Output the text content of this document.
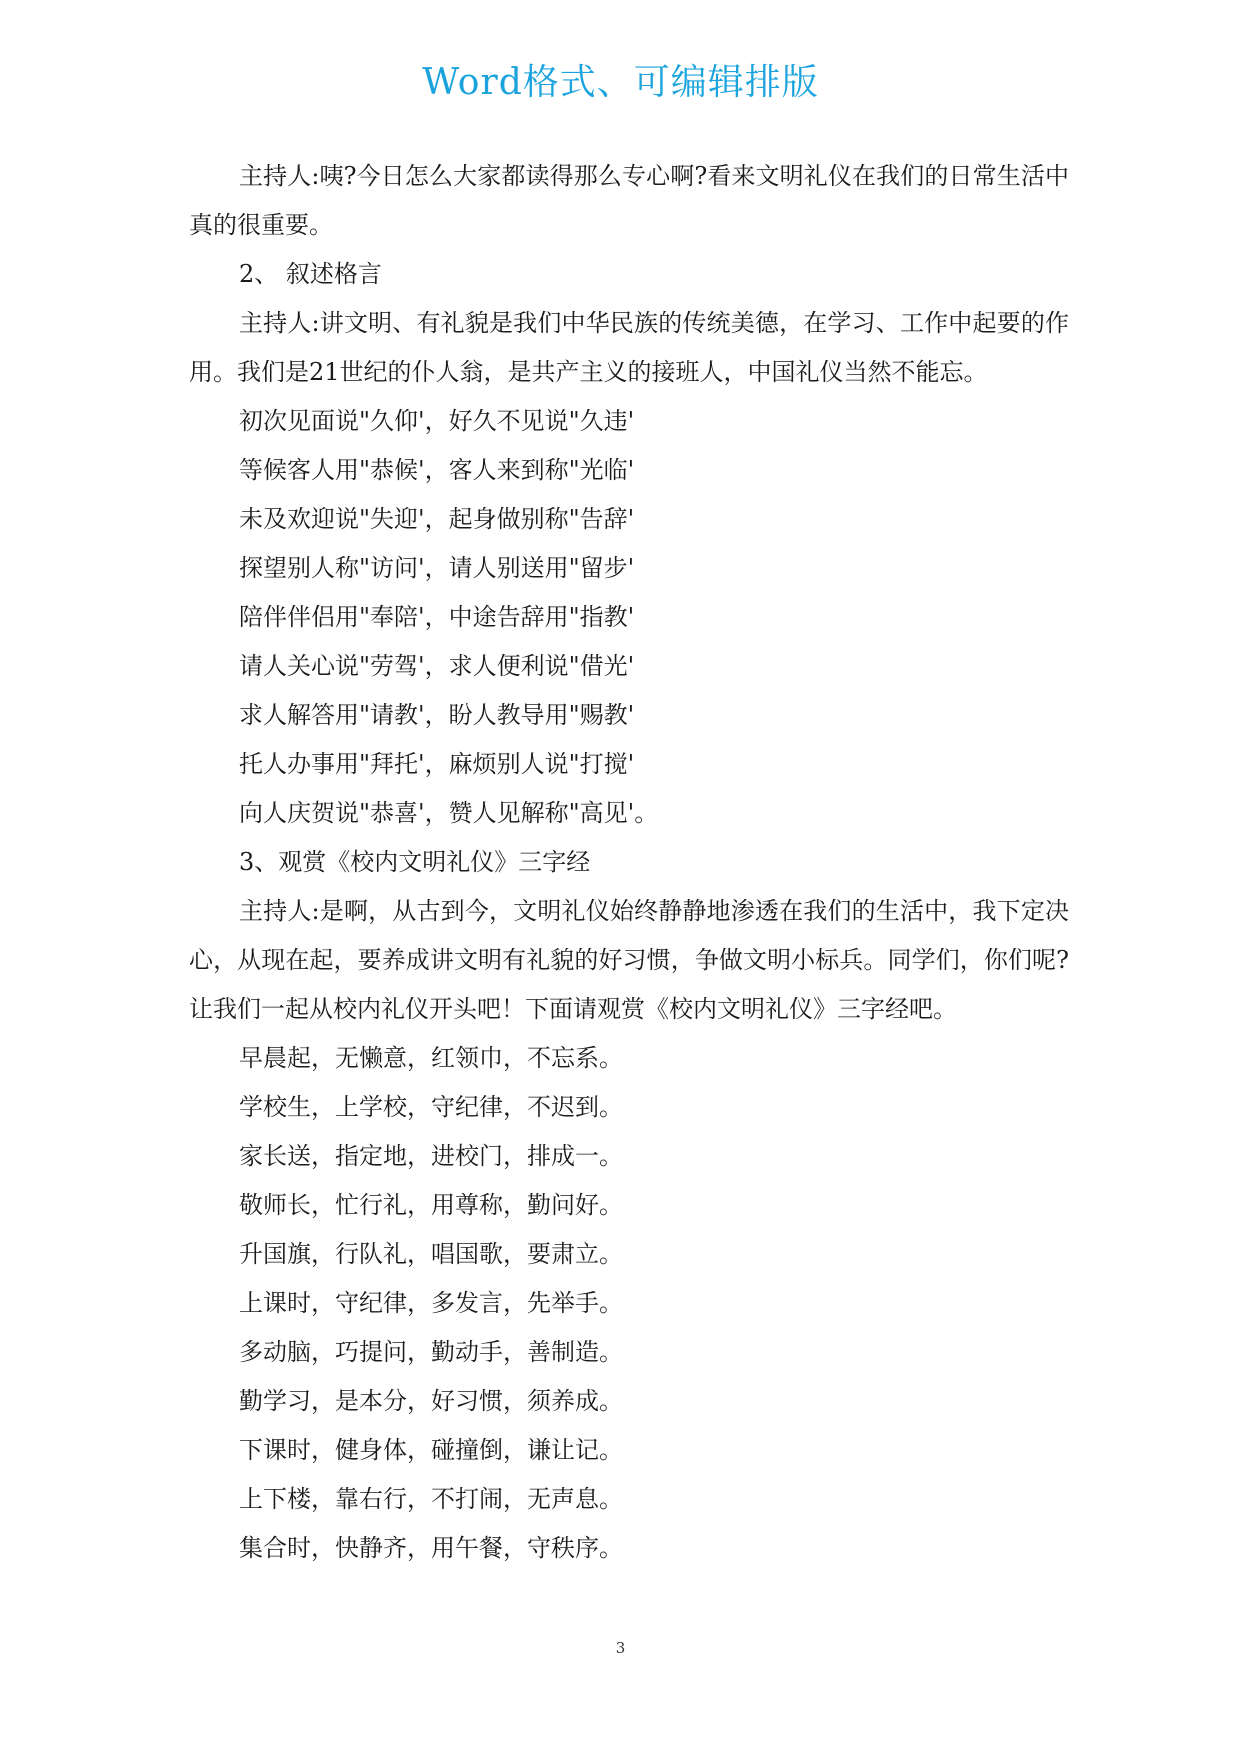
Word格式、可编辑排版

主持人:咦?今日怎么大家都读得那么专心啊?看来文明礼仪在我们的日常生活中真的很重要。

2、 叙述格言

主持人:讲文明、有礼貌是我们中华民族的传统美德，在学习、工作中起要的作用。我们是21世纪的仆人翁，是共产主义的接班人，中国礼仪当然不能忘。

初次见面说"久仰'，好久不见说"久违'

等候客人用"恭候'，客人来到称"光临'

未及欢迎说"失迎'，起身做别称"告辞'

探望别人称"访问'，请人别送用"留步'

陪伴伴侣用"奉陪'，中途告辞用"指教'

请人关心说"劳驾'，求人便利说"借光'

求人解答用"请教'，盼人教导用"赐教'

托人办事用"拜托'，麻烦别人说"打搅'

向人庆贺说"恭喜'，赞人见解称"高见'。

3、观赏《校内文明礼仪》三字经

主持人:是啊，从古到今，文明礼仪始终静静地渗透在我们的生活中，我下定决心，从现在起，要养成讲文明有礼貌的好习惯，争做文明小标兵。同学们，你们呢?让我们一起从校内礼仪开头吧！下面请观赏《校内文明礼仪》三字经吧。

早晨起，无懒意，红领巾，不忘系。

学校生，上学校，守纪律，不迟到。

家长送，指定地，进校门，排成一。

敬师长，忙行礼，用尊称，勤问好。

升国旗，行队礼，唱国歌，要肃立。

上课时，守纪律，多发言，先举手。

多动脑，巧提问，勤动手，善制造。

勤学习，是本分，好习惯，须养成。

下课时，健身体，碰撞倒，谦让记。

上下楼，靠右行，不打闹，无声息。

集合时，快静齐，用午餐，守秩序。

3
